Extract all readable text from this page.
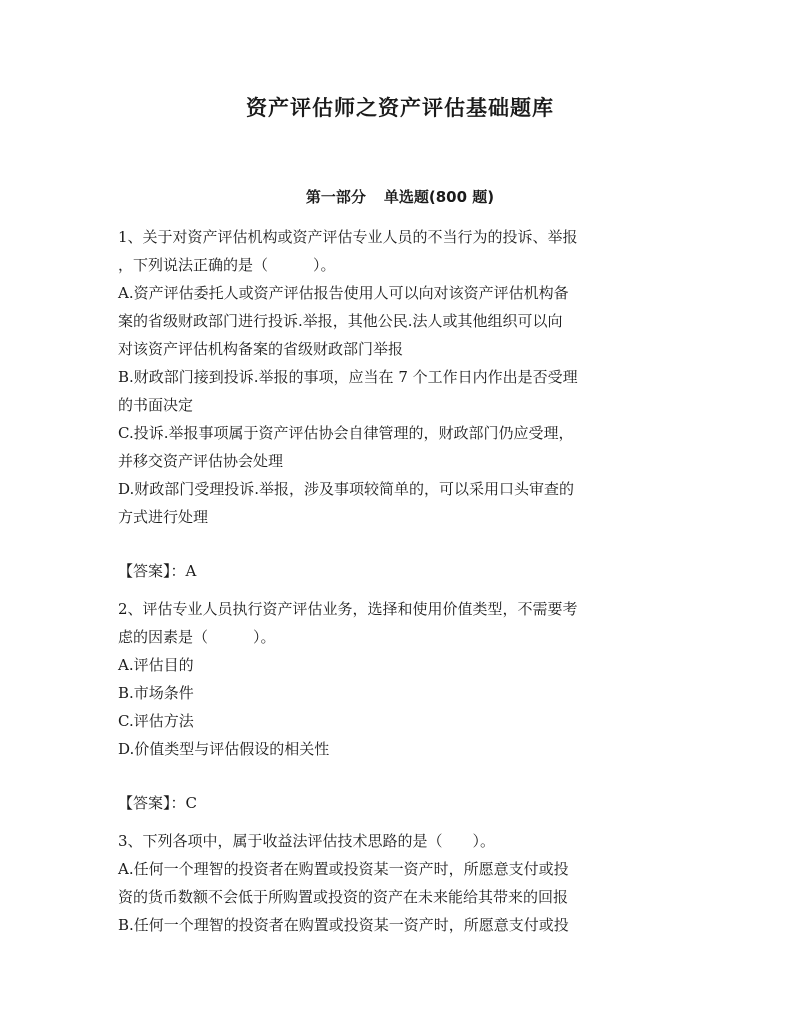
资产评估师之资产评估基础题库
第一部分 单选题(800 题)
1、关于对资产评估机构或资产评估专业人员的不当行为的投诉、举报
，下列说法正确的是（　　　）。
A.资产评估委托人或资产评估报告使用人可以向对该资产评估机构备
案的省级财政部门进行投诉.举报，其他公民.法人或其他组织可以向
对该资产评估机构备案的省级财政部门举报
B.财政部门接到投诉.举报的事项，应当在 7 个工作日内作出是否受理
的书面决定
C.投诉.举报事项属于资产评估协会自律管理的，财政部门仍应受理，
并移交资产评估协会处理
D.财政部门受理投诉.举报，涉及事项较简单的，可以采用口头审查的
方式进行处理
【答案】：A
2、评估专业人员执行资产评估业务，选择和使用价值类型，不需要考
虑的因素是（　　　）。
A.评估目的
B.市场条件
C.评估方法
D.价值类型与评估假设的相关性
【答案】：C
3、下列各项中，属于收益法评估技术思路的是（　　）。
A.任何一个理智的投资者在购置或投资某一资产时，所愿意支付或投
资的货币数额不会低于所购置或投资的资产在未来能给其带来的回报
B.任何一个理智的投资者在购置或投资某一资产时，所愿意支付或投
